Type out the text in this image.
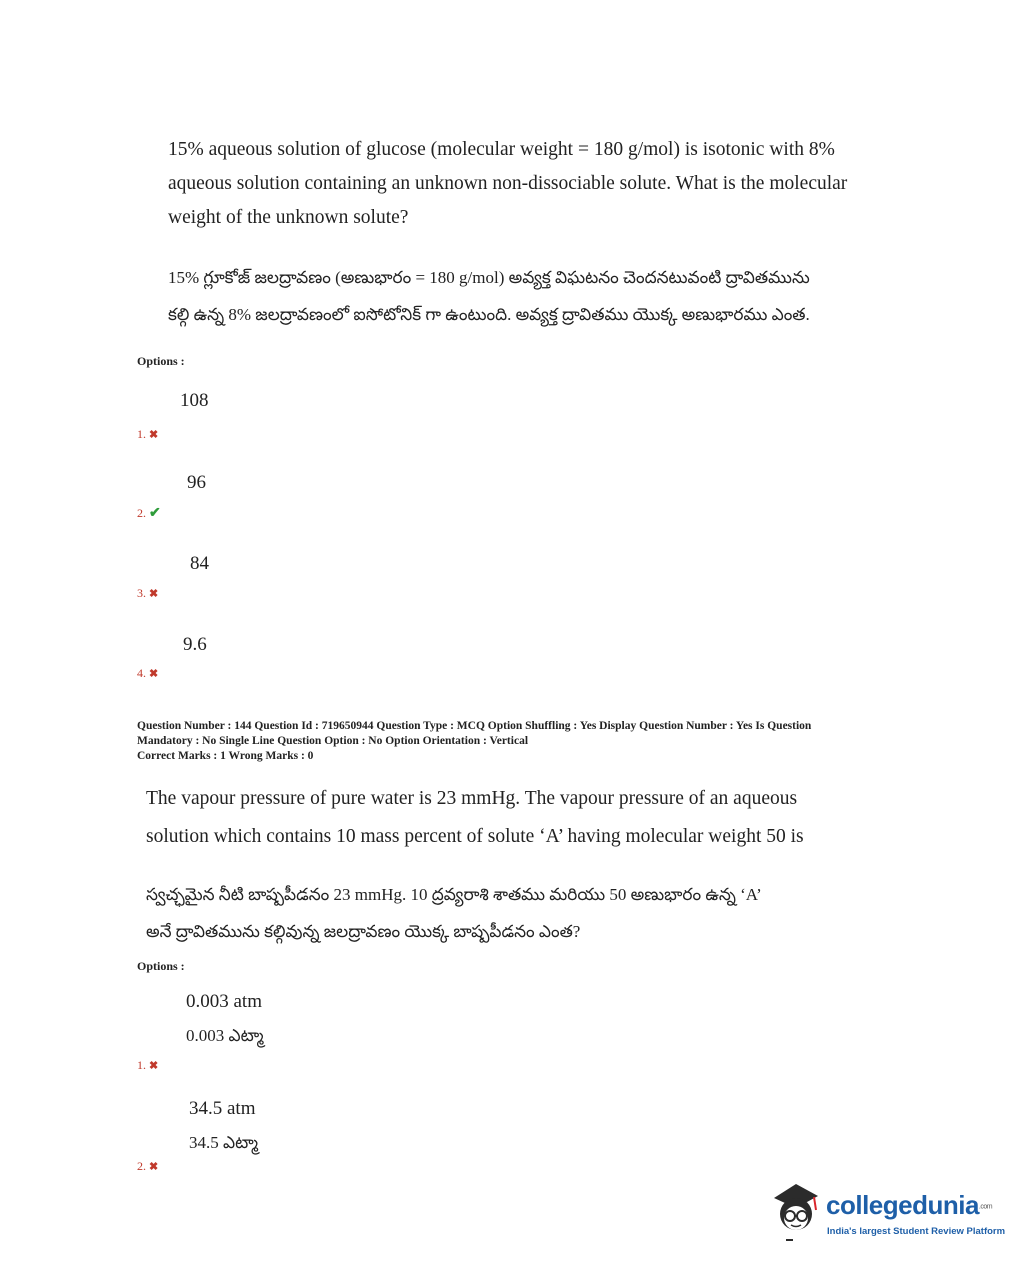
15% aqueous solution of glucose (molecular weight = 180 g/mol) is isotonic with 8%
aqueous solution containing an unknown non-dissociable solute. What is the molecular
weight of the unknown solute?
15% గ్లూకోజ్ జలద్రావణం (అణుభారం = 180 g/mol) అవ్యక్త విఘటనం చెందనటువంటి ద్రావితమును
కల్గి ఉన్న 8% జలద్రావణంలో ఐసోటోనిక్ గా ఉంటుంది. అవ్యక్త ద్రావితము యొక్క అణుభారము ఎంత.
Options :
108
1. ✖
96
2. ✔
84
3. ✖
9.6
4. ✖
Question Number : 144 Question Id : 719650944 Question Type : MCQ Option Shuffling : Yes Display Question Number : Yes Is Question
Mandatory : No Single Line Question Option : No Option Orientation : Vertical
Correct Marks : 1 Wrong Marks : 0
The vapour pressure of pure water is 23 mmHg. The vapour pressure of an aqueous
solution which contains 10 mass percent of solute ‘A’ having molecular weight 50 is
స్వచ్ఛమైన నీటి బాష్పపీడనం 23 mmHg. 10 ద్రవ్యరాశి శాతము మరియు 50 అణుభారం ఉన్న ‘A’
అనే ద్రావితమును కల్గివున్న జలద్రావణం యొక్క బాష్పపీడనం ఎంత?
Options :
0.003 atm
0.003 ఎట్మా
1. ✖
34.5 atm
34.5 ఎట్మా
2. ✖
collegedunia.com
India's largest Student Review Platform
